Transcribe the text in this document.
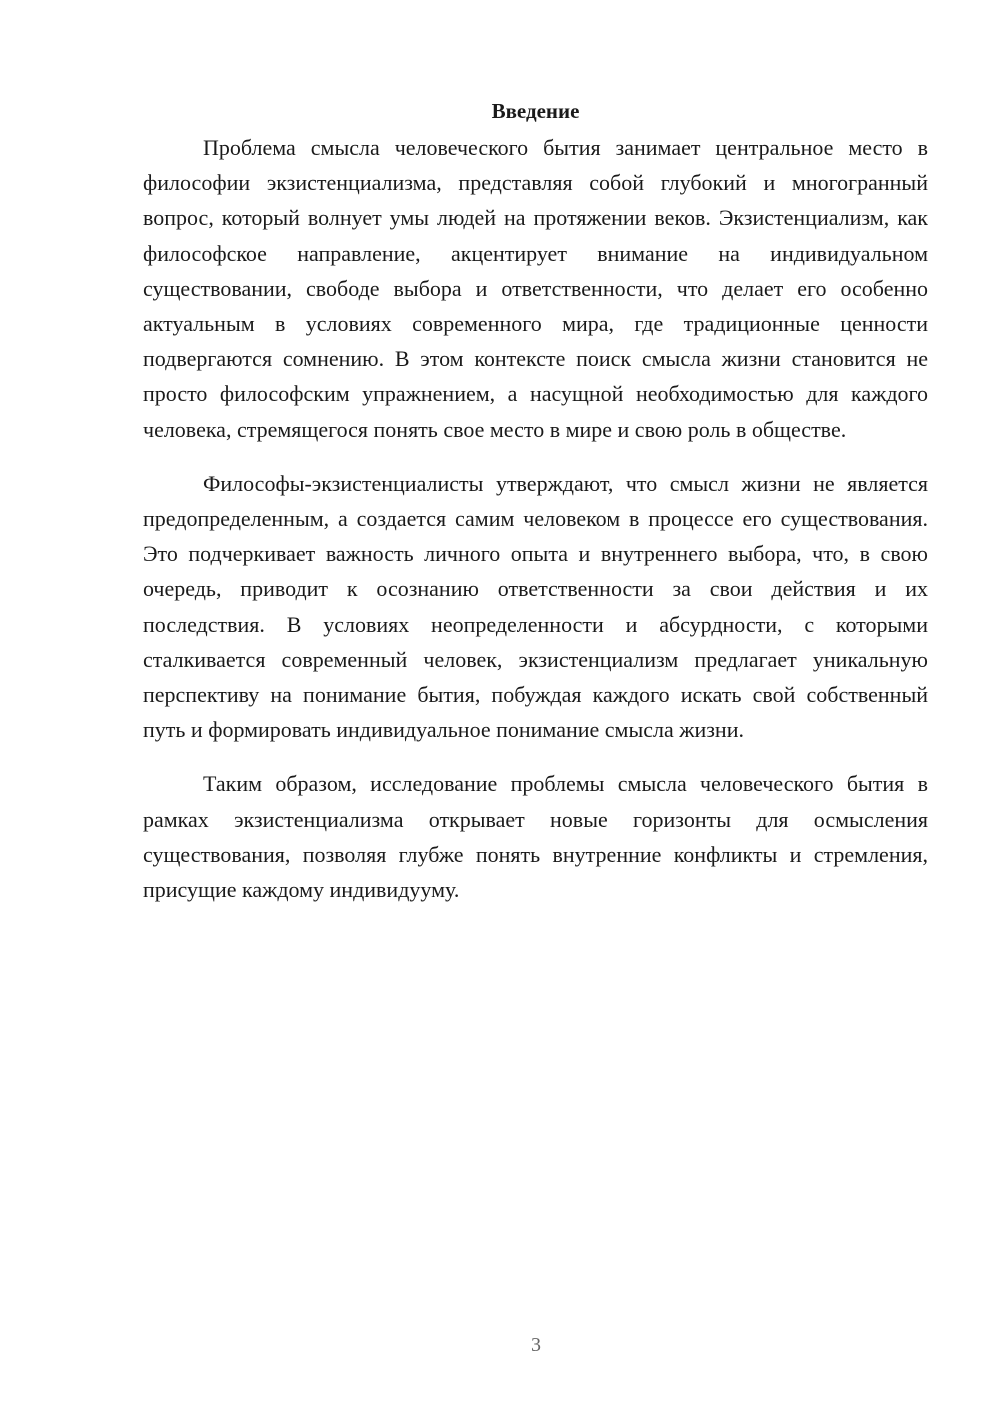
Введение

Проблема смысла человеческого бытия занимает центральное место в философии экзистенциализма, представляя собой глубокий и многогранный вопрос, который волнует умы людей на протяжении веков. Экзистенциализм, как философское направление, акцентирует внимание на индивидуальном существовании, свободе выбора и ответственности, что делает его особенно актуальным в условиях современного мира, где традиционные ценности подвергаются сомнению. В этом контексте поиск смысла жизни становится не просто философским упражнением, а насущной необходимостью для каждого человека, стремящегося понять свое место в мире и свою роль в обществе.

Философы-экзистенциалисты утверждают, что смысл жизни не является предопределенным, а создается самим человеком в процессе его существования. Это подчеркивает важность личного опыта и внутреннего выбора, что, в свою очередь, приводит к осознанию ответственности за свои действия и их последствия. В условиях неопределенности и абсурдности, с которыми сталкивается современный человек, экзистенциализм предлагает уникальную перспективу на понимание бытия, побуждая каждого искать свой собственный путь и формировать индивидуальное понимание смысла жизни.

Таким образом, исследование проблемы смысла человеческого бытия в рамках экзистенциализма открывает новые горизонты для осмысления существования, позволяя глубже понять внутренние конфликты и стремления, присущие каждому индивидууму.

3
